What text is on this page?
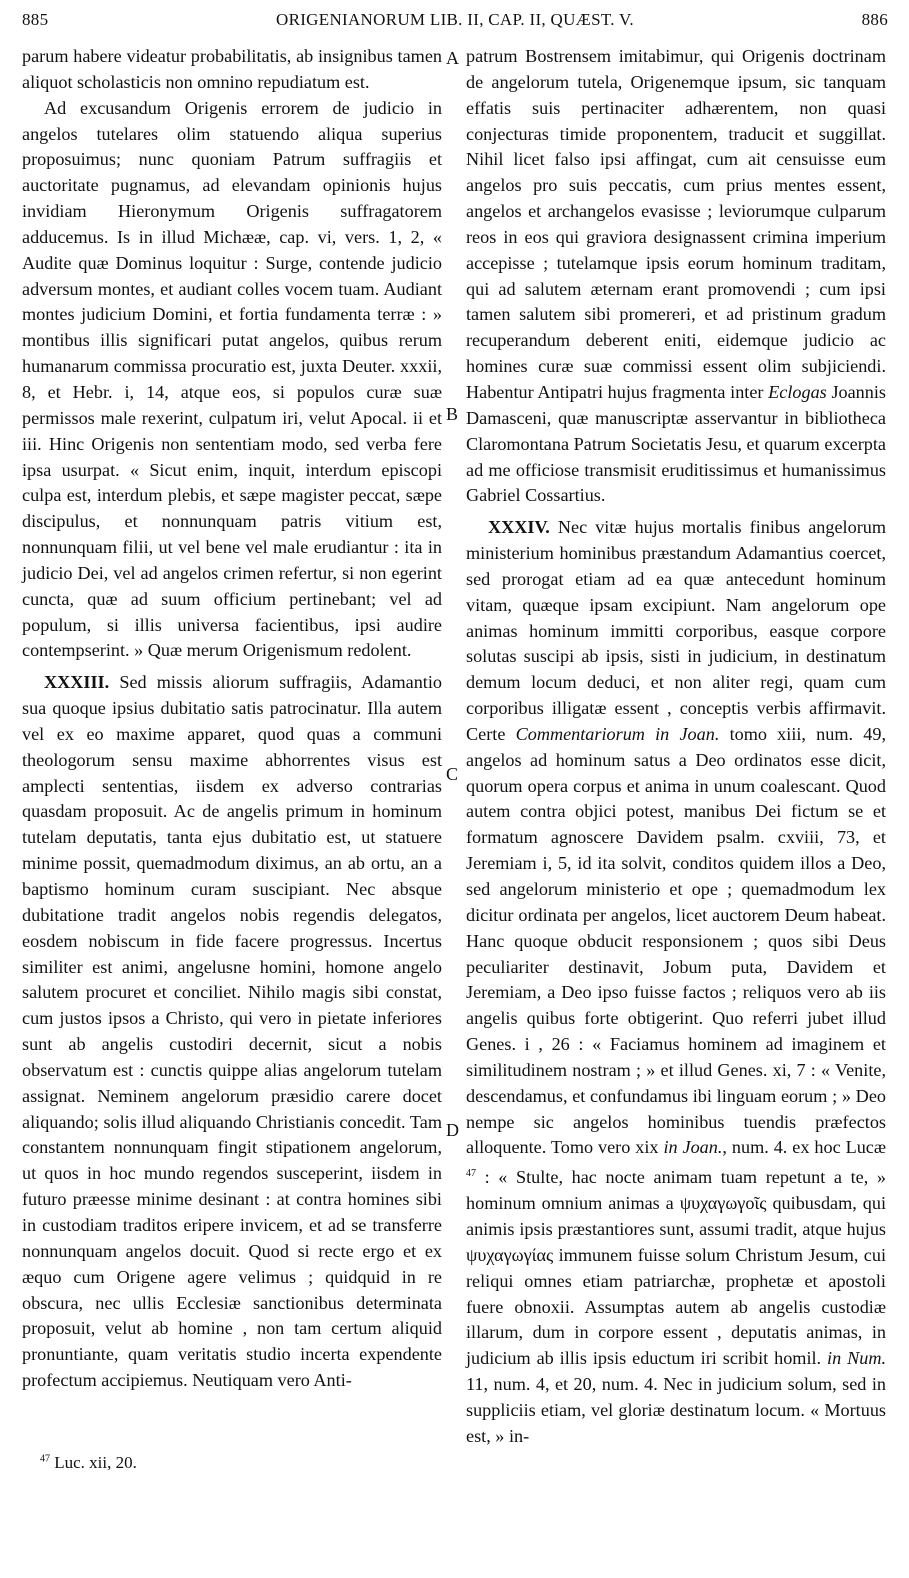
885	ORIGENIANORUM LIB. II, CAP. II, QUÆST. V.	886

parum habere videatur probabilitatis, ab insignibus tamen aliquot scholasticis non omnino repudiatum est.

Ad excusandum Origenis errorem de judicio in angelos tutelares olim statuendo aliqua superius proposuimus; nunc quoniam Patrum suffragiis et auctoritate pugnamus, ad elevandam opinionis hujus invidiam Hieronymum Origenis suffragatorem adducemus. Is in illud Michææ, cap. vi, vers. 1, 2, « Audite quæ Dominus loquitur : Surge, contende judicio adversum montes, et audiant colles vocem tuam. Audiant montes judicium Domini, et fortia fundamenta terræ : » montibus illis significari putat angelos, quibus rerum humanarum commissa procuratio est, juxta Deuter. xxxii, 8, et Hebr. i, 14, atque eos, si populos curæ suæ permissos male rexerint, culpatum iri, velut Apocal. ii et iii. Hinc Origenis non sententiam modo, sed verba fere ipsa usurpat. « Sicut enim, inquit, interdum episcopi culpa est, interdum plebis, et sæpe magister peccat, sæpe discipulus, et nonnunquam patris vitium est, nonnunquam filii, ut vel bene vel male erudiantur : ita in judicio Dei, vel ad angelos crimen refertur, si non egerint cuncta, quæ ad suum officium pertinebant; vel ad populum, si illis universa facientibus, ipsi audire contempserint. » Quæ merum Origenismum redolent.

XXXIII. Sed missis aliorum suffragiis, Adamantio sua quoque ipsius dubitatio satis patrocinatur. Illa autem vel ex eo maxime apparet, quod quas a communi theologorum sensu maxime abhorrentes visus est amplecti sententias, iisdem ex adverso contrarias quasdam proposuit. Ac de angelis primum in hominum tutelam deputatis, tanta ejus dubitatio est, ut statuere minime possit, quemadmodum diximus, an ab ortu, an a baptismo hominum curam suscipiant. Nec absque dubitatione tradit angelos nobis regendis delegatos, eosdem nobiscum in fide facere progressus. Incertus similiter est animi, angelusne homini, homone angelo salutem procuret et conciliet. Nihilo magis sibi constat, cum justos ipsos a Christo, qui vero in pietate inferiores sunt ab angelis custodiri decernit, sicut a nobis observatum est : cunctis quippe alias angelorum tutelam assignat. Neminem angelorum præsidio carere docet aliquando; solis illud aliquando Christianis concedit. Tam constantem nonnunquam fingit stipationem angelorum, ut quos in hoc mundo regendos susceperint, iisdem in futuro præesse minime desinant : at contra homines sibi in custodiam traditos eripere invicem, et ad se transferre nonnunquam angelos docuit. Quod si recte ergo et ex æquo cum Origene agere velimus ; quidquid in re obscura, nec ullis Ecclesiæ sanctionibus determinata proposuit, velut ab homine , non tam certum aliquid pronuntiante, quam veritatis studio incerta expendente profectum accipiemus. Neutiquam vero Anti-

A
B
C
D

patrum Bostrensem imitabimur, qui Origenis doctrinam de angelorum tutela, Origenemque ipsum, sic tanquam effatis suis pertinaciter adhærentem, non quasi conjecturas timide proponentem, traducit et suggillat. Nihil licet falso ipsi affingat, cum ait censuisse eum angelos pro suis peccatis, cum prius mentes essent, angelos et archangelos evasisse ; leviorumque culparum reos in eos qui graviora designassent crimina imperium accepisse ; tutelamque ipsis eorum hominum traditam, qui ad salutem æternam erant promovendi ; cum ipsi tamen salutem sibi promereri, et ad pristinum gradum recuperandum deberent eniti, eidemque judicio ac homines curæ suæ commissi essent olim subjiciendi. Habentur Antipatri hujus fragmenta inter Eclogas Joannis Damasceni, quæ manuscriptæ asservantur in bibliotheca Claromontana Patrum Societatis Jesu, et quarum excerpta ad me officiose transmisit eruditissimus et humanissimus Gabriel Cossartius.

XXXIV. Nec vitæ hujus mortalis finibus angelorum ministerium hominibus præstandum Adamantius coercet, sed prorogat etiam ad ea quæ antecedunt hominum vitam, quæque ipsam excipiunt. Nam angelorum ope animas hominum immitti corporibus, easque corpore solutas suscipi ab ipsis, sisti in judicium, in destinatum demum locum deduci, et non aliter regi, quam cum corporibus illigatæ essent , conceptis verbis affirmavit. Certe Commentariorum in Joan. tomo xiii, num. 49, angelos ad hominum satus a Deo ordinatos esse dicit, quorum opera corpus et anima in unum coalescant. Quod autem contra objici potest, manibus Dei fictum se et formatum agnoscere Davidem psalm. cxviii, 73, et Jeremiam i, 5, id ita solvit, conditos quidem illos a Deo, sed angelorum ministerio et ope ; quemadmodum lex dicitur ordinata per angelos, licet auctorem Deum habeat. Hanc quoque obducit responsionem ; quos sibi Deus peculiariter destinavit, Jobum puta, Davidem et Jeremiam, a Deo ipso fuisse factos ; reliquos vero ab iis angelis quibus forte obtigerint. Quo referri jubet illud Genes. i , 26 : « Faciamus hominem ad imaginem et similitudinem nostram ; » et illud Genes. xi, 7 : « Venite, descendamus, et confundamus ibi linguam eorum ; » Deo nempe sic angelos hominibus tuendis præfectos alloquente. Tomo vero xix in Joan., num. 4. ex hoc Lucæ $^{47}$ : « Stulte, hac nocte animam tuam repetunt a te, » hominum omnium animas a ψυχαγωγοῖς quibusdam, qui animis ipsis præstantiores sunt, assumi tradit, atque hujus ψυχαγωγίας immunem fuisse solum Christum Jesum, cui reliqui omnes etiam patriarchæ, prophetæ et apostoli fuere obnoxii. Assumptas autem ab angelis custodiæ illarum, dum in corpore essent , deputatis animas, in judicium ab illis ipsis eductum iri scribit homil. in Num. 11, num. 4, et 20, num. 4. Nec in judicium solum, sed in suppliciis etiam, vel gloriæ destinatum locum. « Mortuus est, » in-

$^{47}$ Luc. xii, 20.
